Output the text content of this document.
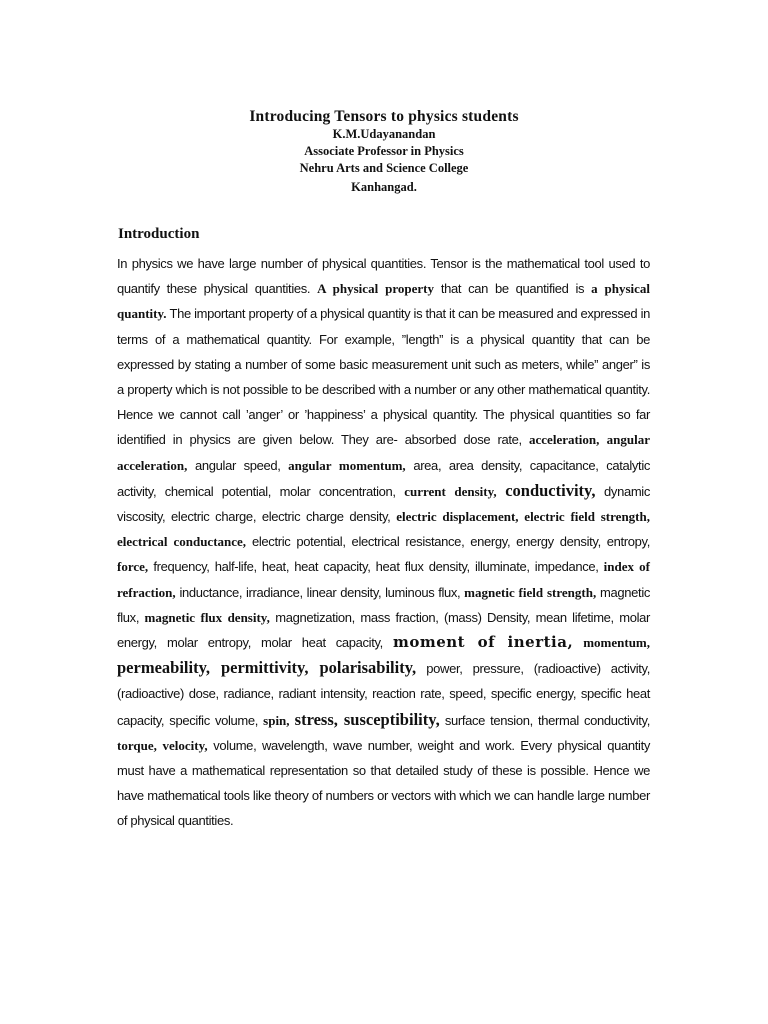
Introducing Tensors to physics students

K.M.Udayanandan

Associate Professor in Physics

Nehru Arts and Science College

Kanhangad.

Introduction

In physics we have large number of physical quantities. Tensor is the mathematical tool used to quantify these physical quantities. A physical property that can be quantified is a physical quantity. The important property of a physical quantity is that it can be measured and expressed in terms of a mathematical quantity. For example, ”length” is a physical quantity that can be expressed by stating a number of some basic measurement unit such as meters, while” anger” is a property which is not possible to be described with a number or any other mathematical quantity. Hence we cannot call ’anger’ or ’happiness’ a physical quantity. The physical quantities so far identified in physics are given below. They are- absorbed dose rate, acceleration, angular acceleration, angular speed, angular momentum, area, area density, capacitance, catalytic activity, chemical potential, molar concentration, current density, conductivity, dynamic viscosity, electric charge, electric charge density, electric displacement, electric field strength, electrical conductance, electric potential, electrical resistance, energy, energy density, entropy, force, frequency, half-life, heat, heat capacity, heat flux density, illuminate, impedance, index of refraction, inductance, irradiance, linear density, luminous flux, magnetic field strength, magnetic flux, magnetic flux density, magnetization, mass fraction, (mass) Density, mean lifetime, molar energy, molar entropy, molar heat capacity, moment of inertia, momentum, permeability, permittivity, polarisability, power, pressure, (radioactive) activity, (radioactive) dose, radiance, radiant intensity, reaction rate, speed, specific energy, specific heat capacity, specific volume, spin, stress, susceptibility, surface tension, thermal conductivity, torque, velocity, volume, wavelength, wave number, weight and work. Every physical quantity must have a mathematical representation so that detailed study of these is possible. Hence we have mathematical tools like theory of numbers or vectors with which we can handle large number of physical quantities.
